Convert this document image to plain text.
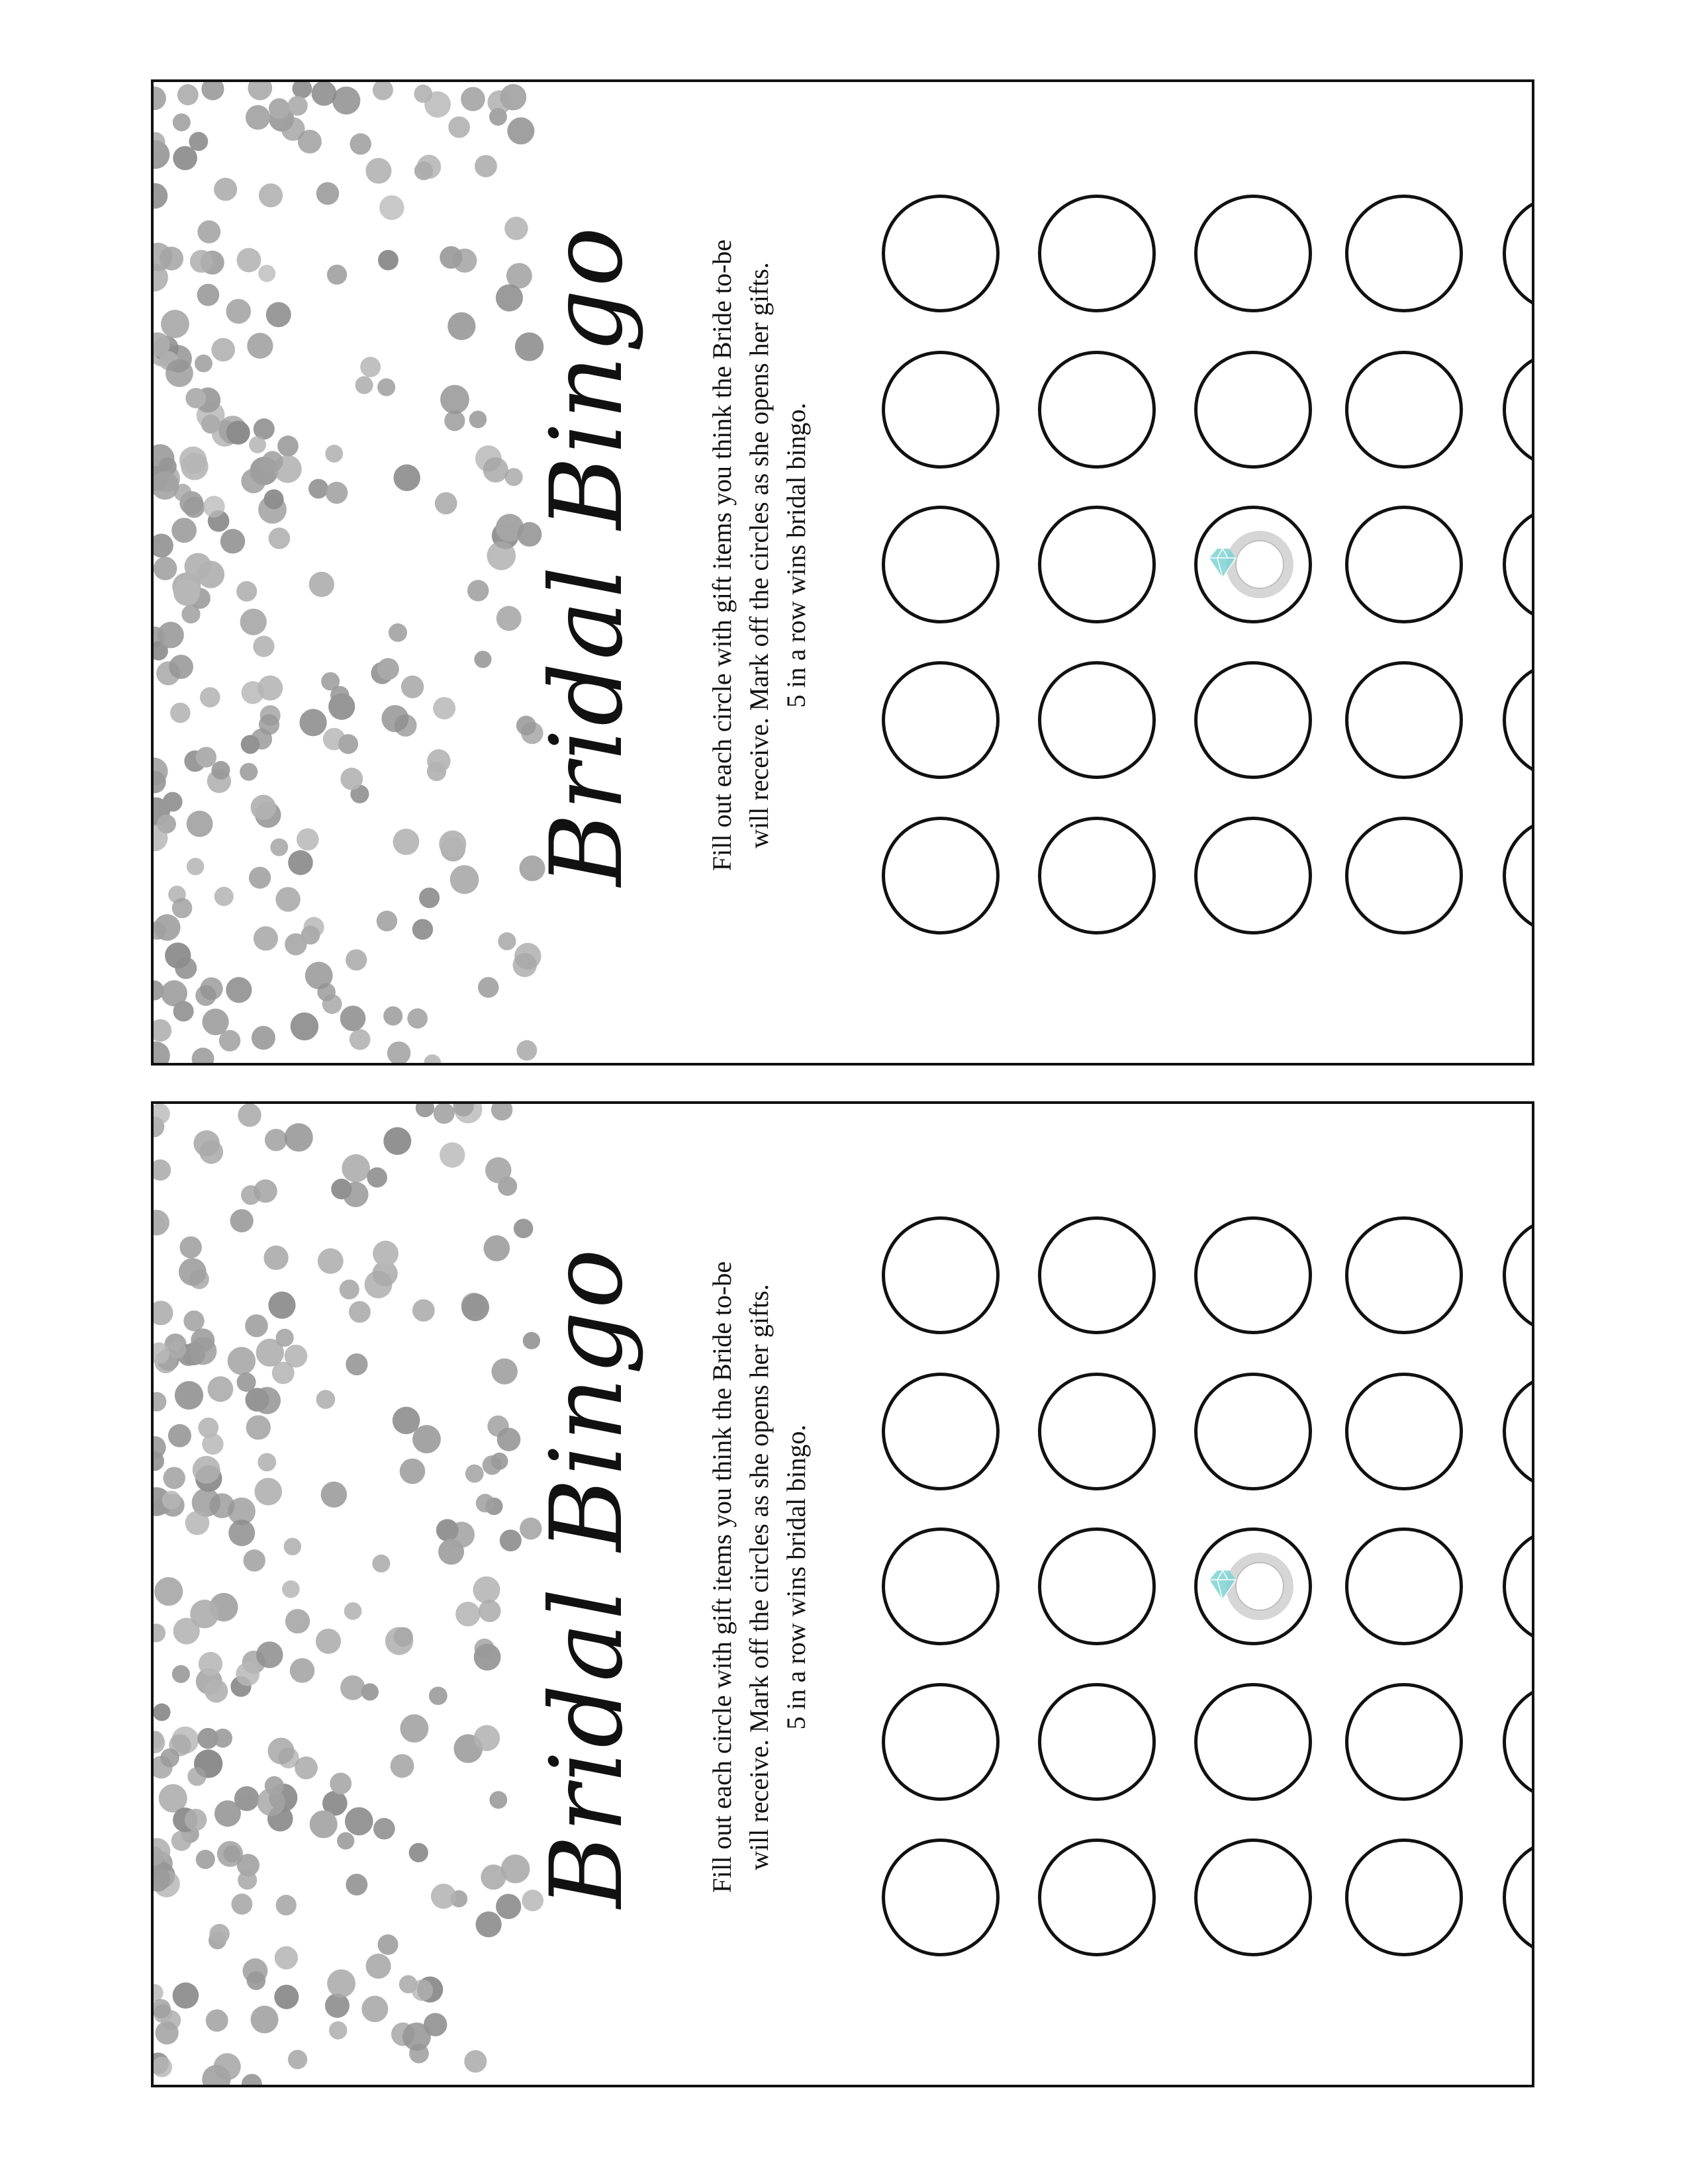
Bridal Bingo Fill out each circle with gift items you think the Bride to-be will receive. Mark off the circles as she opens her gifts. 5 in a row wins bridal bingo.
Bridal Bingo Fill out each circle with gift items you think the Bride to-be will receive. Mark off the circles as she opens her gifts. 5 in a row wins bridal bingo.
